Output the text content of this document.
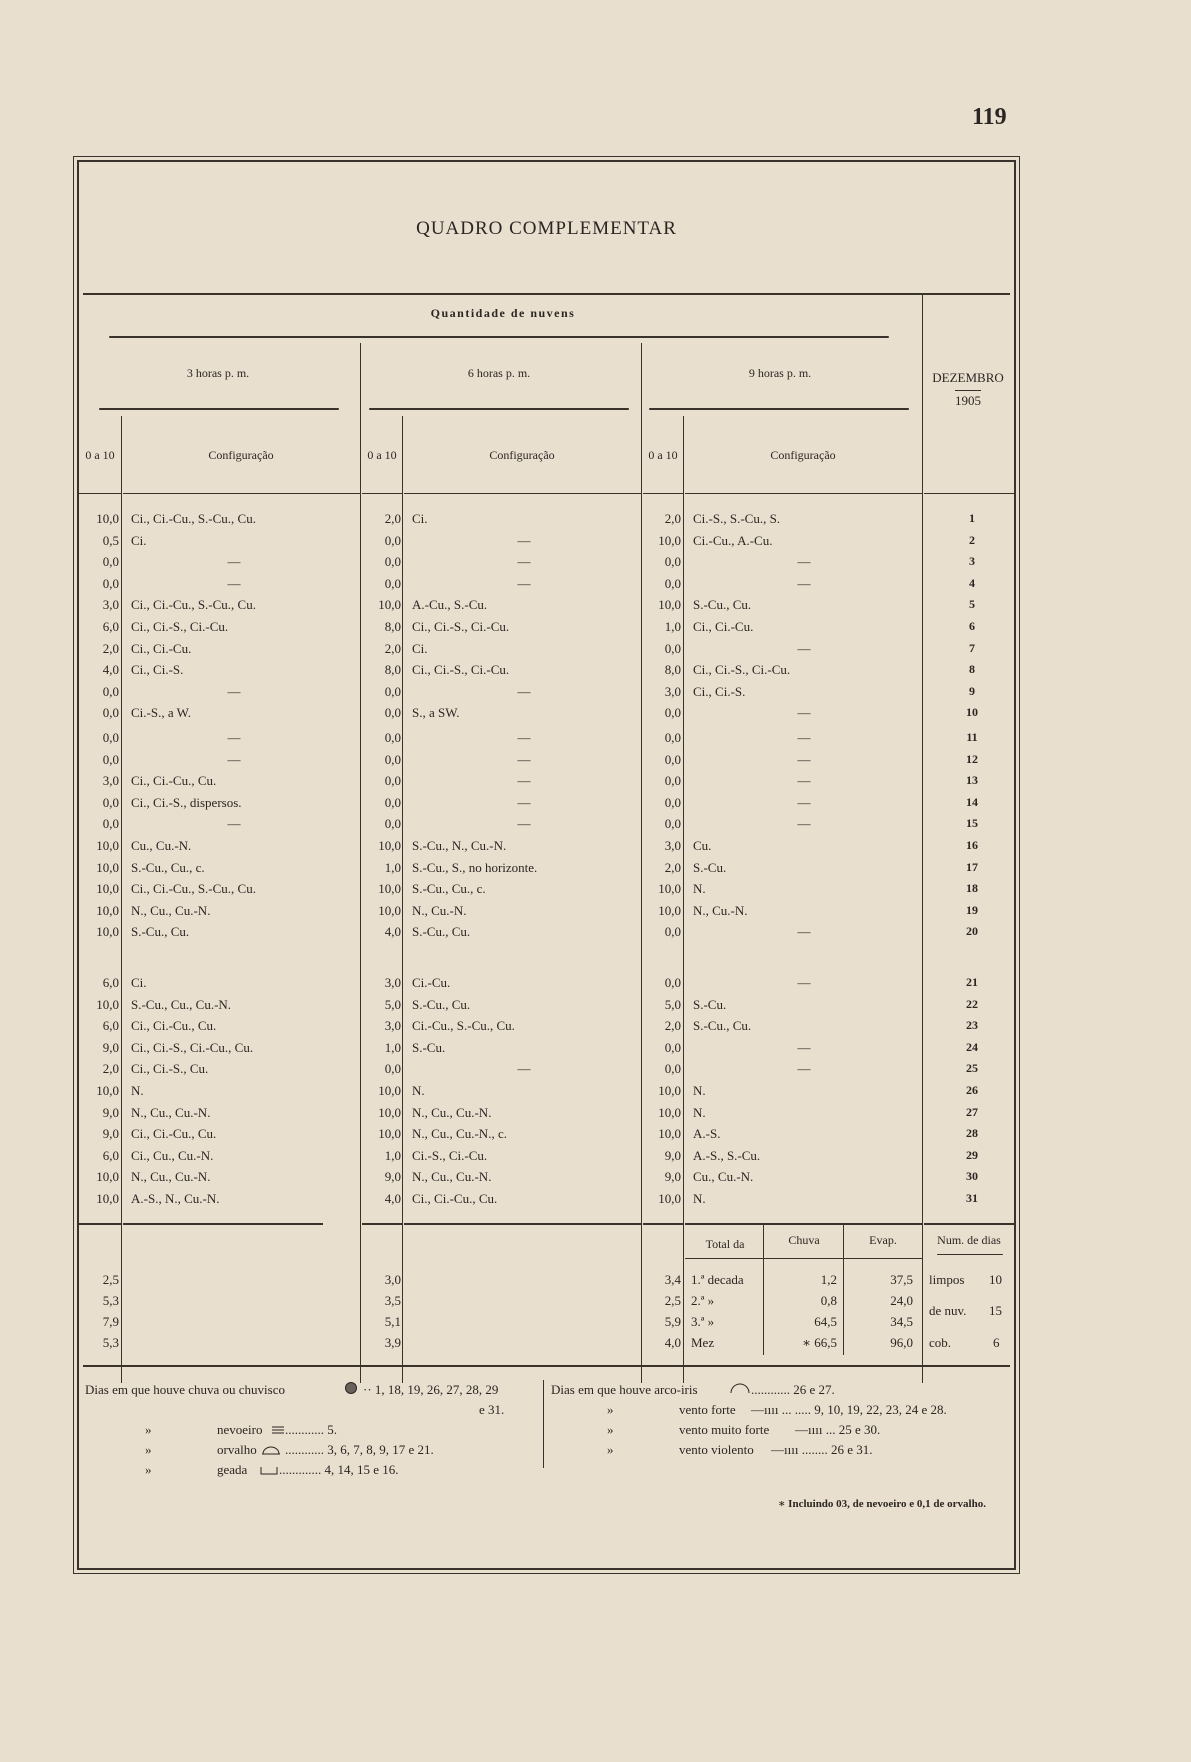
119
QUADRO COMPLEMENTAR
Quantidade de nuvens
3 horas p. m.	6 horas p. m.	9 horas p. m.	DEZEMBRO
1905
0 a 10	Configuração	0 a 10	Configuração	0 a 10	Configuração
10,0 Ci., Ci.-Cu., S.-Cu., Cu.	2,0 Ci.	2,0 Ci.-S., S.-Cu., S.	1
0,5 Ci.	0,0	—	10,0 Ci.-Cu., A.-Cu.	2
0,0	—	0,0	—	0,0	—	3
0,0	—	0,0	—	0,0	—	4
3,0 Ci., Ci.-Cu., S.-Cu., Cu.	10,0 A.-Cu., S.-Cu.	10,0 S.-Cu., Cu.	5
6,0 Ci., Ci.-S., Ci.-Cu.	8,0 Ci., Ci.-S., Ci.-Cu.	1,0 Ci., Ci.-Cu.	6
2,0 Ci., Ci.-Cu.	2,0 Ci.	0,0	—	7
4,0 Ci., Ci.-S.	8,0 Ci., Ci.-S., Ci.-Cu.	8,0 Ci., Ci.-S., Ci.-Cu.	8
0,0	—	0,0	—	3,0 Ci., Ci.-S.	9
0,0 Ci.-S., a W.	0,0 S., a SW.	0,0	—	10
0,0	—	0,0	—	0,0	—	11
0,0	—	0,0	—	0,0	—	12
3,0 Ci., Ci.-Cu., Cu.	0,0	—	0,0	—	13
0,0 Ci., Ci.-S., dispersos.	0,0	—	0,0	—	14
0,0	—	0,0	—	0,0	—	15
10,0 Cu., Cu.-N.	10,0 S.-Cu., N., Cu.-N.	3,0 Cu.	16
10,0 S.-Cu., Cu., c.	1,0 S.-Cu., S., no horizonte.	2,0 S.-Cu.	17
10,0 Ci., Ci.-Cu., S.-Cu., Cu.	10,0 S.-Cu., Cu., c.	10,0 N.	18
10,0 N., Cu., Cu.-N.	10,0 N., Cu.-N.	10,0 N., Cu.-N.	19
10,0 S.-Cu., Cu.	4,0 S.-Cu., Cu.	0,0	—	20
6,0 Ci.	3,0 Ci.-Cu.	0,0	—	21
10,0 S.-Cu., Cu., Cu.-N.	5,0 S.-Cu., Cu.	5,0 S.-Cu.	22
6,0 Ci., Ci.-Cu., Cu.	3,0 Ci.-Cu., S.-Cu., Cu.	2,0 S.-Cu., Cu.	23
9,0 Ci., Ci.-S., Ci.-Cu., Cu.	1,0 S.-Cu.	0,0	—	24
2,0 Ci., Ci.-S., Cu.	0,0	—	0,0	—	25
10,0 N.	10,0 N.	10,0 N.	26
9,0 N., Cu., Cu.-N.	10,0 N., Cu., Cu.-N.	10,0 N.	27
9,0 Ci., Ci.-Cu., Cu.	10,0 N., Cu., Cu.-N., c.	10,0 A.-S.	28
6,0 Ci., Cu., Cu.-N.	1,0 Ci.-S., Ci.-Cu.	9,0 A.-S., S.-Cu.	29
10,0 N., Cu., Cu.-N.	9,0 N., Cu., Cu.-N.	9,0 Cu., Cu.-N.	30
10,0 A.-S., N., Cu.-N.	4,0 Ci., Ci.-Cu., Cu.	10,0 N.	31
Total da	Chuva	Evap.	Num. de dias
2,5	3,0	3,4 1.ª decada	1,2	37,5
5,3	3,5	2,5 2.ª »	0,8	24,0
7,9	5,1	5,9 3.ª »	64,5	34,5
5,3	3,9	4,0 Mez	∗ 66,5	96,0
limpos 10
de nuv. 15
cob.	6
Dias em que houve chuva ou chuvisco	·· 1, 18, 19, 26, 27, 28, 29
e 31.
»	nevoeiro ............ 5.
»	orvalho ............ 3, 6, 7, 8, 9, 17 e 21.
»	geada ............. 4, 14, 15 e 16.
Dias em que houve arco-iris	............ 26 e 27.
»	vento forte —ıııı ... ..... 9, 10, 19, 22, 23, 24 e 28.
»	vento muito forte —ıııı ... 25 e 30.
»	vento violento —ıııı ........ 26 e 31.
∗ Incluindo 03, de nevoeiro e 0,1 de orvalho.
